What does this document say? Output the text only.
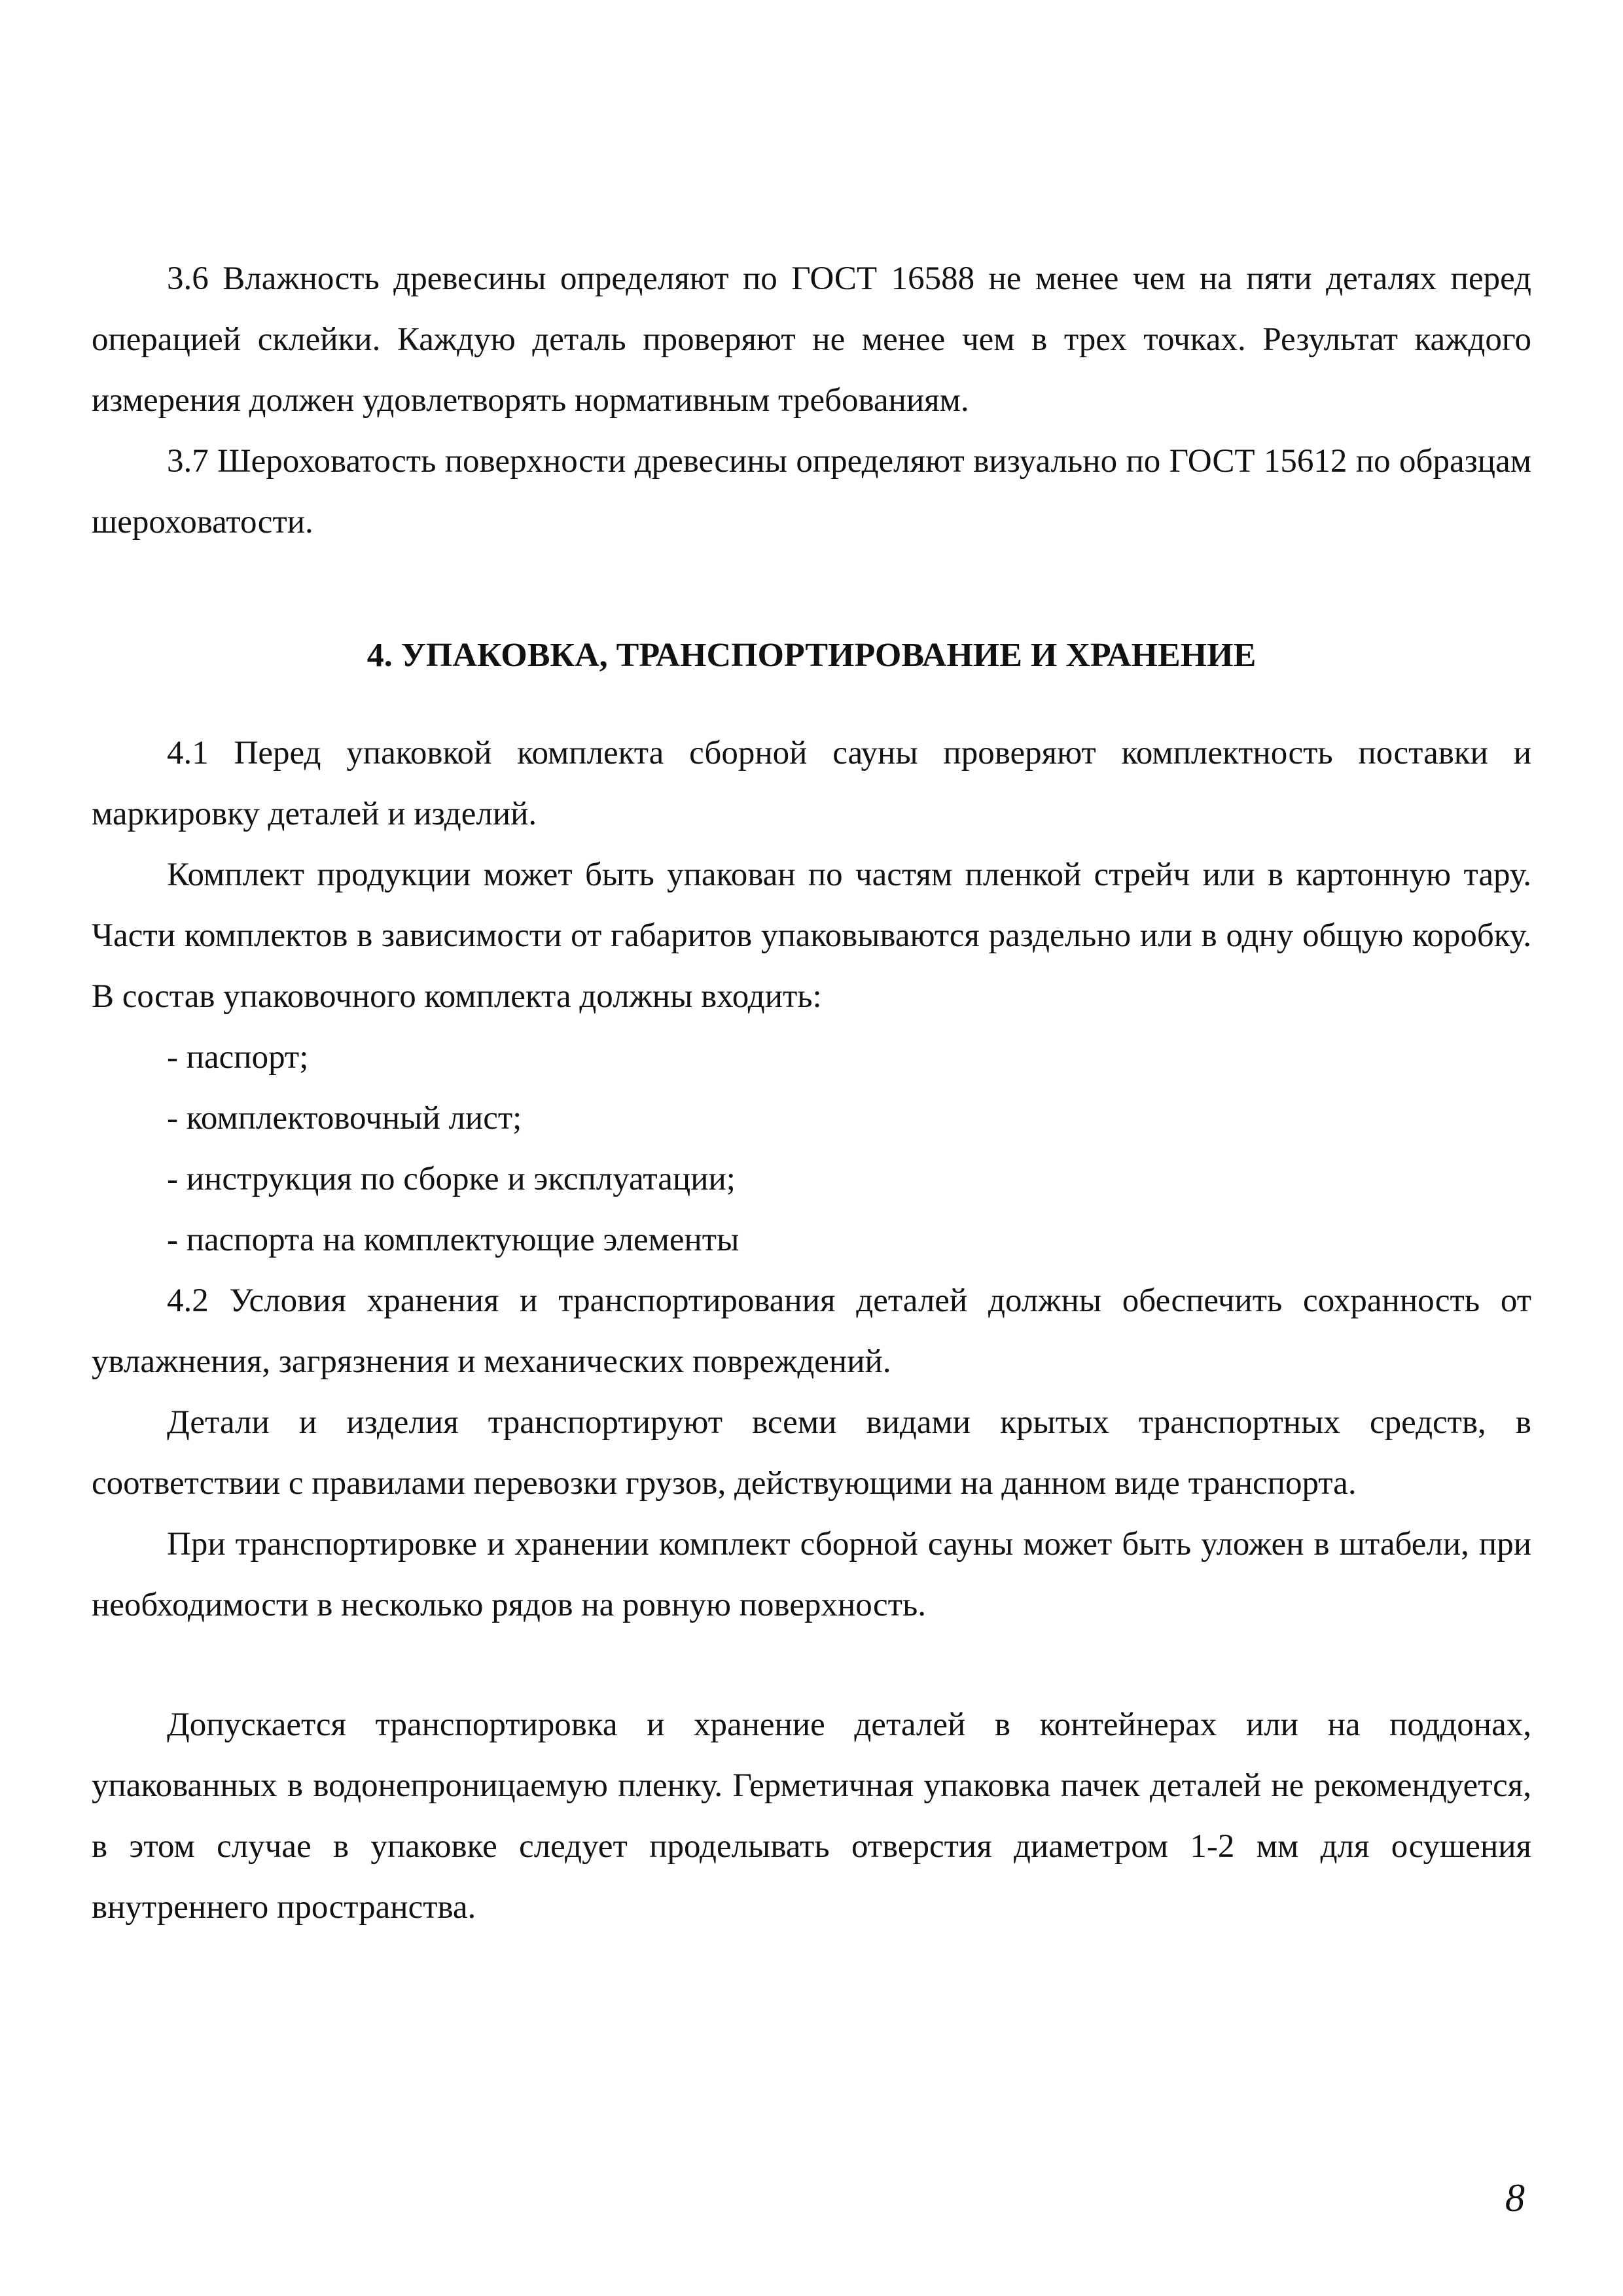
3.6 Влажность древесины определяют по ГОСТ 16588 не менее чем на пяти деталях перед операцией склейки. Каждую деталь проверяют не менее чем в трех точках. Результат каждого измерения должен удовлетворять нормативным требованиям.

3.7 Шероховатость поверхности древесины определяют визуально по ГОСТ 15612 по образцам шероховатости.

4. УПАКОВКА, ТРАНСПОРТИРОВАНИЕ И ХРАНЕНИЕ

4.1 Перед упаковкой комплекта сборной сауны проверяют комплектность поставки и маркировку деталей и изделий.

Комплект продукции может быть упакован по частям пленкой стрейч или в картонную тару. Части комплектов в зависимости от габаритов упаковываются раздельно или в одну общую коробку. В состав упаковочного комплекта должны входить:

- паспорт;

- комплектовочный лист;

- инструкция по сборке и эксплуатации;

- паспорта на комплектующие элементы

4.2 Условия хранения и транспортирования деталей должны обеспечить сохранность от увлажнения, загрязнения и механических повреждений.

Детали и изделия транспортируют всеми видами крытых транспортных средств, в соответствии с правилами перевозки грузов, действующими на данном виде транспорта.

При транспортировке и хранении комплект сборной сауны может быть уложен в штабели, при необходимости в несколько рядов на ровную поверхность.

Допускается транспортировка и хранение деталей в контейнерах или на поддонах, упакованных в водонепроницаемую пленку. Герметичная упаковка пачек деталей не рекомендуется, в этом случае в упаковке следует проделывать отверстия диаметром 1-2 мм для осушения внутреннего пространства.

8
